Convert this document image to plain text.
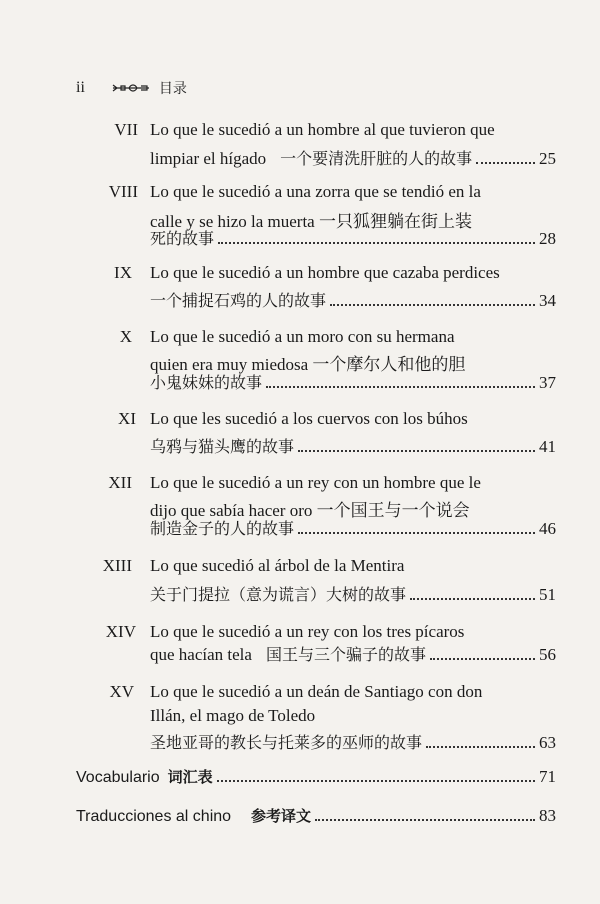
ii	目录
VII Lo que le sucedió a un hombre al que tuvieron que
limpiar el hígado 一个要清洗肝脏的人的故事	25
VIII Lo que le sucedió a una zorra que se tendió en la
calle y se hizo la muerta 一只狐狸躺在街上装
死的故事	28
IX Lo que le sucedió a un hombre que cazaba perdices
一个捕捉石鸡的人的故事	34
X Lo que le sucedió a un moro con su hermana
quien era muy miedosa 一个摩尔人和他的胆
小鬼妹妹的故事	37
XI Lo que les sucedió a los cuervos con los búhos
乌鸦与猫头鹰的故事	41
XII Lo que le sucedió a un rey con un hombre que le
dijo que sabía hacer oro 一个国王与一个说会
制造金子的人的故事	46
XIII Lo que sucedió al árbol de la Mentira
关于门提拉（意为谎言）大树的故事	51
XIV Lo que le sucedió a un rey con los tres pícaros
que hacían tela 国王与三个骗子的故事	56
XV Lo que le sucedió a un deán de Santiago con don
Illán, el mago de Toledo
圣地亚哥的教长与托莱多的巫师的故事	63
Vocabulario 词汇表	71
Traducciones al chino 参考译文	83
